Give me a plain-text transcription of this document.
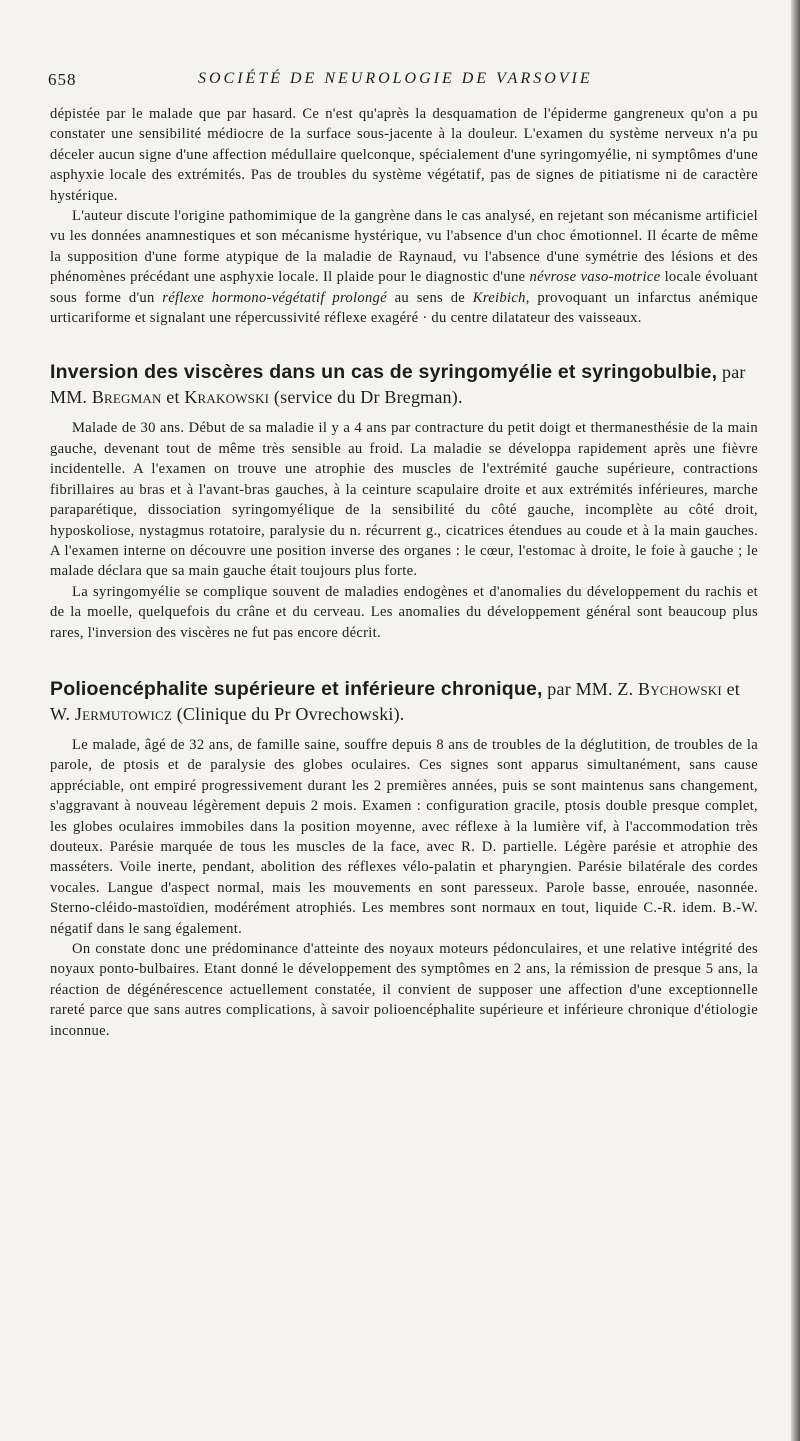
658	SOCIÉTÉ DE NEUROLOGIE DE VARSOVIE

dépistée par le malade que par hasard. Ce n'est qu'après la desquamation de l'épiderme gangreneux qu'on a pu constater une sensibilité médiocre de la surface sous-jacente à la douleur. L'examen du système nerveux n'a pu déceler aucun signe d'une affection médullaire quelconque, spécialement d'une syringomyélie, ni symptômes d'une asphyxie locale des extrémités. Pas de troubles du système végétatif, pas de signes de pitiatisme ni de caractère hystérique.

L'auteur discute l'origine pathomimique de la gangrène dans le cas analysé, en rejetant son mécanisme artificiel vu les données anamnestiques et son mécanisme hystérique, vu l'absence d'un choc émotionnel. Il écarte de même la supposition d'une forme atypique de la maladie de Raynaud, vu l'absence d'une symétrie des lésions et des phénomènes précédant une asphyxie locale. Il plaide pour le diagnostic d'une névrose vaso-motrice locale évoluant sous forme d'un réflexe hormono-végétatif prolongé au sens de Kreibich, provoquant un infarctus anémique urticariforme et signalant une répercussivité réflexe exagéré · du centre dilatateur des vaisseaux.

Inversion des viscères dans un cas de syringomyélie et syringobulbie, par MM. Bregman et Krakowski (service du Dr Bregman).

Malade de 30 ans. Début de sa maladie il y a 4 ans par contracture du petit doigt et thermanesthésie de la main gauche, devenant tout de même très sensible au froid. La maladie se développa rapidement après une fièvre incidentelle. A l'examen on trouve une atrophie des muscles de l'extrémité gauche supérieure, contractions fibrillaires au bras et à l'avant-bras gauches, à la ceinture scapulaire droite et aux extrémités inférieures, marche paraparétique, dissociation syringomyélique de la sensibilité du côté gauche, incomplète au côté droit, hyposkoliose, nystagmus rotatoire, paralysie du n. récurrent g., cicatrices étendues au coude et à la main gauches. A l'examen interne on découvre une position inverse des organes : le cœur, l'estomac à droite, le foie à gauche ; le malade déclara que sa main gauche était toujours plus forte.

La syringomyélie se complique souvent de maladies endogènes et d'anomalies du développement du rachis et de la moelle, quelquefois du crâne et du cerveau. Les anomalies du développement général sont beaucoup plus rares, l'inversion des viscères ne fut pas encore décrit.

Polioencéphalite supérieure et inférieure chronique, par MM. Z. Bychowski et W. Jermutowicz (Clinique du Pr Ovrechowski).

Le malade, âgé de 32 ans, de famille saine, souffre depuis 8 ans de troubles de la déglutition, de troubles de la parole, de ptosis et de paralysie des globes oculaires. Ces signes sont apparus simultanément, sans cause appréciable, ont empiré progressivement durant les 2 premières années, puis se sont maintenus sans changement, s'aggravant à nouveau légèrement depuis 2 mois. Examen : configuration gracile, ptosis double presque complet, les globes oculaires immobiles dans la position moyenne, avec réflexe à la lumière vif, à l'accommodation très douteux. Parésie marquée de tous les muscles de la face, avec R. D. partielle. Légère parésie et atrophie des masséters. Voile inerte, pendant, abolition des réflexes vélo-palatin et pharyngien. Parésie bilatérale des cordes vocales. Langue d'aspect normal, mais les mouvements en sont paresseux. Parole basse, enrouée, nasonnée. Sterno-cléido-mastoïdien, modérément atrophiés. Les membres sont normaux en tout, liquide C.-R. idem. B.-W. négatif dans le sang également.

On constate donc une prédominance d'atteinte des noyaux moteurs pédonculaires, et une relative intégrité des noyaux ponto-bulbaires. Etant donné le développement des symptômes en 2 ans, la rémission de presque 5 ans, la réaction de dégénérescence actuellement constatée, il convient de supposer une affection d'une exceptionnelle rareté parce que sans autres complications, à savoir polioencéphalite supérieure et inférieure chronique d'étiologie inconnue.
